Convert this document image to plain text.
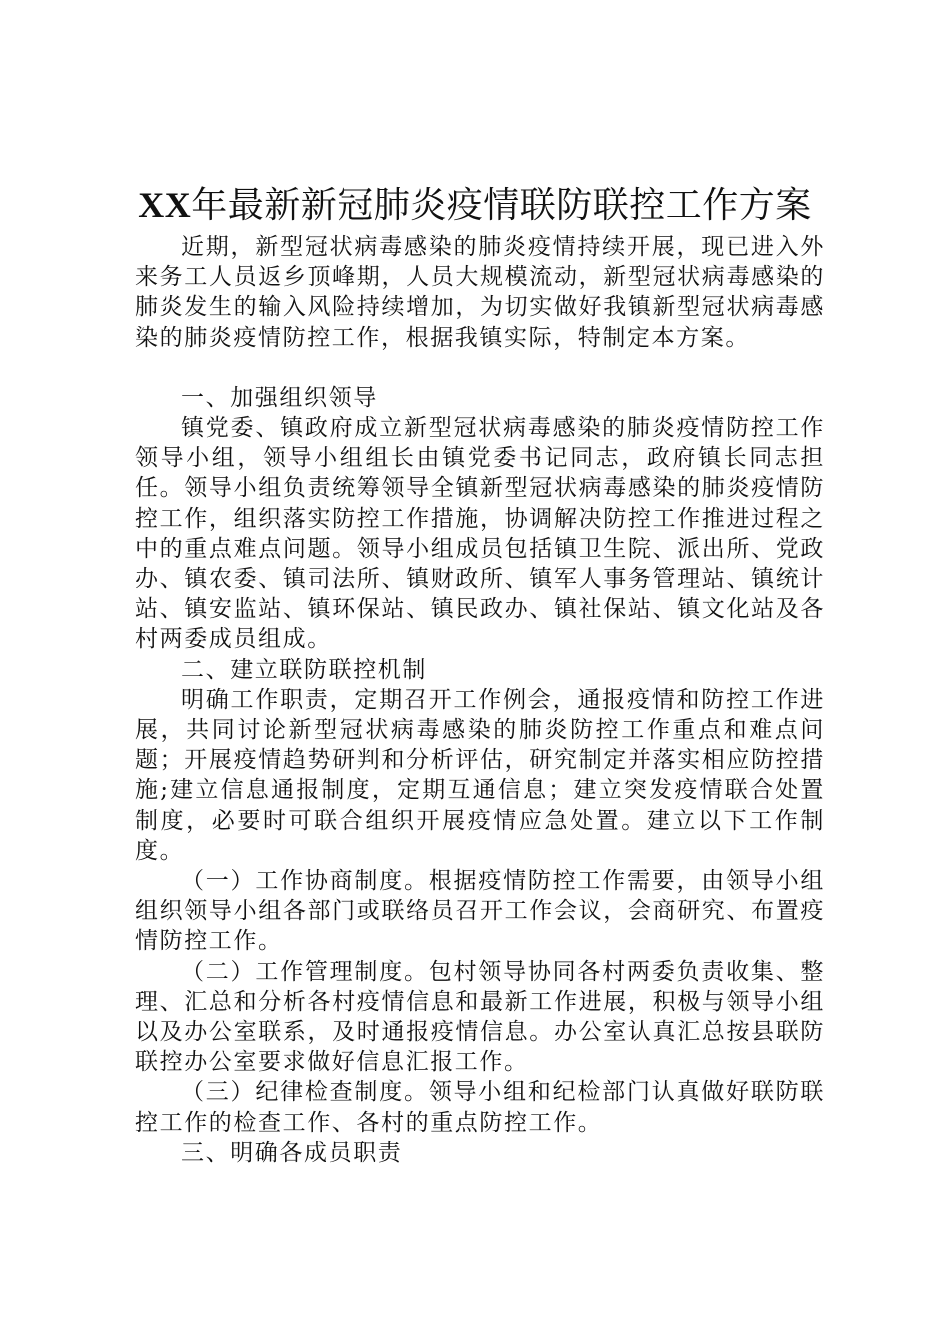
XX年最新新冠肺炎疫情联防联控工作方案

近期，新型冠状病毒感染的肺炎疫情持续开展，现已进入外来务工人员返乡顶峰期，人员大规模流动，新型冠状病毒感染的肺炎发生的输入风险持续增加，为切实做好我镇新型冠状病毒感染的肺炎疫情防控工作，根据我镇实际，特制定本方案。

一、加强组织领导

镇党委、镇政府成立新型冠状病毒感染的肺炎疫情防控工作领导小组，领导小组组长由镇党委书记同志，政府镇长同志担任。领导小组负责统筹领导全镇新型冠状病毒感染的肺炎疫情防控工作，组织落实防控工作措施，协调解决防控工作推进过程之中的重点难点问题。领导小组成员包括镇卫生院、派出所、党政办、镇农委、镇司法所、镇财政所、镇军人事务管理站、镇统计站、镇安监站、镇环保站、镇民政办、镇社保站、镇文化站及各村两委成员组成。

二、建立联防联控机制

明确工作职责，定期召开工作例会，通报疫情和防控工作进展，共同讨论新型冠状病毒感染的肺炎防控工作重点和难点问题；开展疫情趋势研判和分析评估，研究制定并落实相应防控措施;建立信息通报制度，定期互通信息；建立突发疫情联合处置制度，必要时可联合组织开展疫情应急处置。建立以下工作制度。

（一）工作协商制度。根据疫情防控工作需要，由领导小组组织领导小组各部门或联络员召开工作会议，会商研究、布置疫情防控工作。

（二）工作管理制度。包村领导协同各村两委负责收集、整理、汇总和分析各村疫情信息和最新工作进展，积极与领导小组以及办公室联系，及时通报疫情信息。办公室认真汇总按县联防联控办公室要求做好信息汇报工作。

（三）纪律检查制度。领导小组和纪检部门认真做好联防联控工作的检查工作、各村的重点防控工作。

三、明确各成员职责
